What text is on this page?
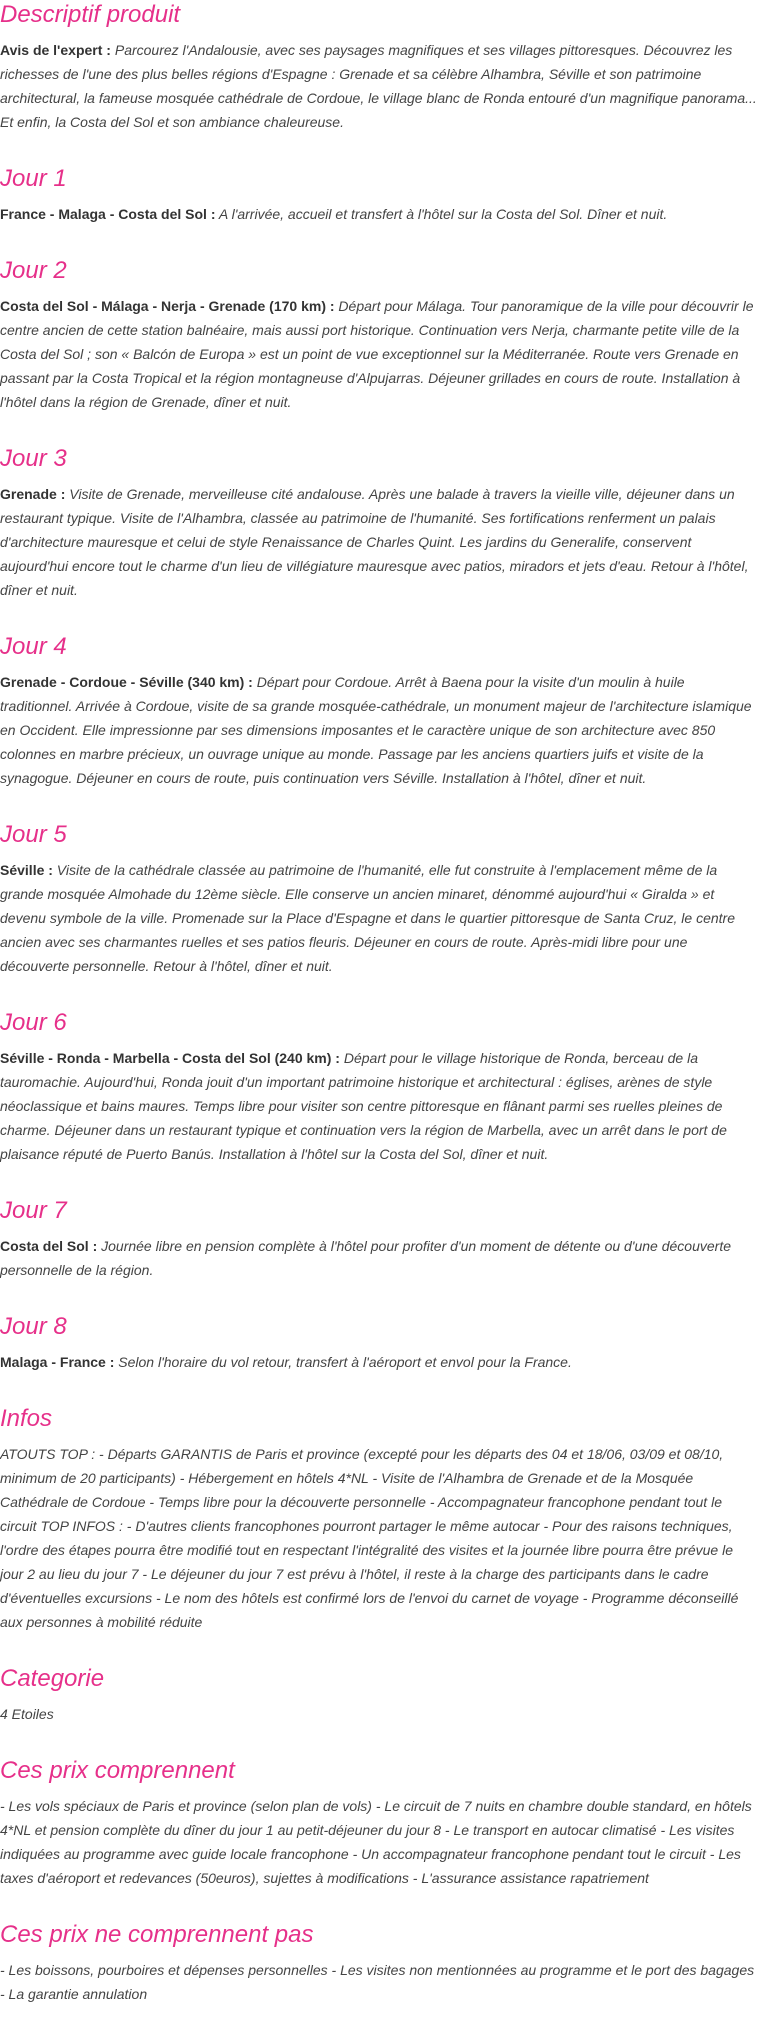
Descriptif produit

Avis de l'expert : Parcourez l'Andalousie, avec ses paysages magnifiques et ses villages pittoresques. Découvrez les richesses de l'une des plus belles régions d'Espagne : Grenade et sa célèbre Alhambra, Séville et son patrimoine architectural, la fameuse mosquée cathédrale de Cordoue, le village blanc de Ronda entouré d'un magnifique panorama... Et enfin, la Costa del Sol et son ambiance chaleureuse.

Jour 1

France - Malaga - Costa del Sol : A l'arrivée, accueil et transfert à l'hôtel sur la Costa del Sol. Dîner et nuit.

Jour 2

Costa del Sol - Málaga - Nerja - Grenade (170 km) : Départ pour Málaga. Tour panoramique de la ville pour découvrir le centre ancien de cette station balnéaire, mais aussi port historique. Continuation vers Nerja, charmante petite ville de la Costa del Sol ; son « Balcón de Europa » est un point de vue exceptionnel sur la Méditerranée. Route vers Grenade en passant par la Costa Tropical et la région montagneuse d'Alpujarras. Déjeuner grillades en cours de route. Installation à l'hôtel dans la région de Grenade, dîner et nuit.

Jour 3

Grenade : Visite de Grenade, merveilleuse cité andalouse. Après une balade à travers la vieille ville, déjeuner dans un restaurant typique. Visite de l'Alhambra, classée au patrimoine de l'humanité. Ses fortifications renferment un palais d'architecture mauresque et celui de style Renaissance de Charles Quint. Les jardins du Generalife, conservent aujourd'hui encore tout le charme d'un lieu de villégiature mauresque avec patios, miradors et jets d'eau. Retour à l'hôtel, dîner et nuit.

Jour 4

Grenade - Cordoue - Séville (340 km) : Départ pour Cordoue. Arrêt à Baena pour la visite d'un moulin à huile traditionnel. Arrivée à Cordoue, visite de sa grande mosquée-cathédrale, un monument majeur de l'architecture islamique en Occident. Elle impressionne par ses dimensions imposantes et le caractère unique de son architecture avec 850 colonnes en marbre précieux, un ouvrage unique au monde. Passage par les anciens quartiers juifs et visite de la synagogue. Déjeuner en cours de route, puis continuation vers Séville. Installation à l'hôtel, dîner et nuit.

Jour 5

Séville : Visite de la cathédrale classée au patrimoine de l'humanité, elle fut construite à l'emplacement même de la grande mosquée Almohade du 12ème siècle. Elle conserve un ancien minaret, dénommé aujourd'hui « Giralda » et devenu symbole de la ville. Promenade sur la Place d'Espagne et dans le quartier pittoresque de Santa Cruz, le centre ancien avec ses charmantes ruelles et ses patios fleuris. Déjeuner en cours de route. Après-midi libre pour une découverte personnelle. Retour à l'hôtel, dîner et nuit.

Jour 6

Séville - Ronda - Marbella - Costa del Sol (240 km) : Départ pour le village historique de Ronda, berceau de la tauromachie. Aujourd'hui, Ronda jouit d'un important patrimoine historique et architectural : églises, arènes de style néoclassique et bains maures. Temps libre pour visiter son centre pittoresque en flânant parmi ses ruelles pleines de charme. Déjeuner dans un restaurant typique et continuation vers la région de Marbella, avec un arrêt dans le port de plaisance réputé de Puerto Banús. Installation à l'hôtel sur la Costa del Sol, dîner et nuit.

Jour 7

Costa del Sol : Journée libre en pension complète à l'hôtel pour profiter d'un moment de détente ou d'une découverte personnelle de la région.

Jour 8

Malaga - France : Selon l'horaire du vol retour, transfert à l'aéroport et envol pour la France.

Infos

ATOUTS TOP : - Départs GARANTIS de Paris et province (excepté pour les départs des 04 et 18/06, 03/09 et 08/10, minimum de 20 participants) - Hébergement en hôtels 4*NL - Visite de l'Alhambra de Grenade et de la Mosquée Cathédrale de Cordoue - Temps libre pour la découverte personnelle - Accompagnateur francophone pendant tout le circuit TOP INFOS : - D'autres clients francophones pourront partager le même autocar - Pour des raisons techniques, l'ordre des étapes pourra être modifié tout en respectant l'intégralité des visites et la journée libre pourra être prévue le jour 2 au lieu du jour 7 - Le déjeuner du jour 7 est prévu à l'hôtel, il reste à la charge des participants dans le cadre d'éventuelles excursions - Le nom des hôtels est confirmé lors de l'envoi du carnet de voyage - Programme déconseillé aux personnes à mobilité réduite

Categorie

4 Etoiles

Ces prix comprennent

- Les vols spéciaux de Paris et province (selon plan de vols) - Le circuit de 7 nuits en chambre double standard, en hôtels 4*NL et pension complète du dîner du jour 1 au petit-déjeuner du jour 8 - Le transport en autocar climatisé - Les visites indiquées au programme avec guide locale francophone - Un accompagnateur francophone pendant tout le circuit - Les taxes d'aéroport et redevances (50euros), sujettes à modifications - L'assurance assistance rapatriement

Ces prix ne comprennent pas

- Les boissons, pourboires et dépenses personnelles - Les visites non mentionnées au programme et le port des bagages - La garantie annulation
